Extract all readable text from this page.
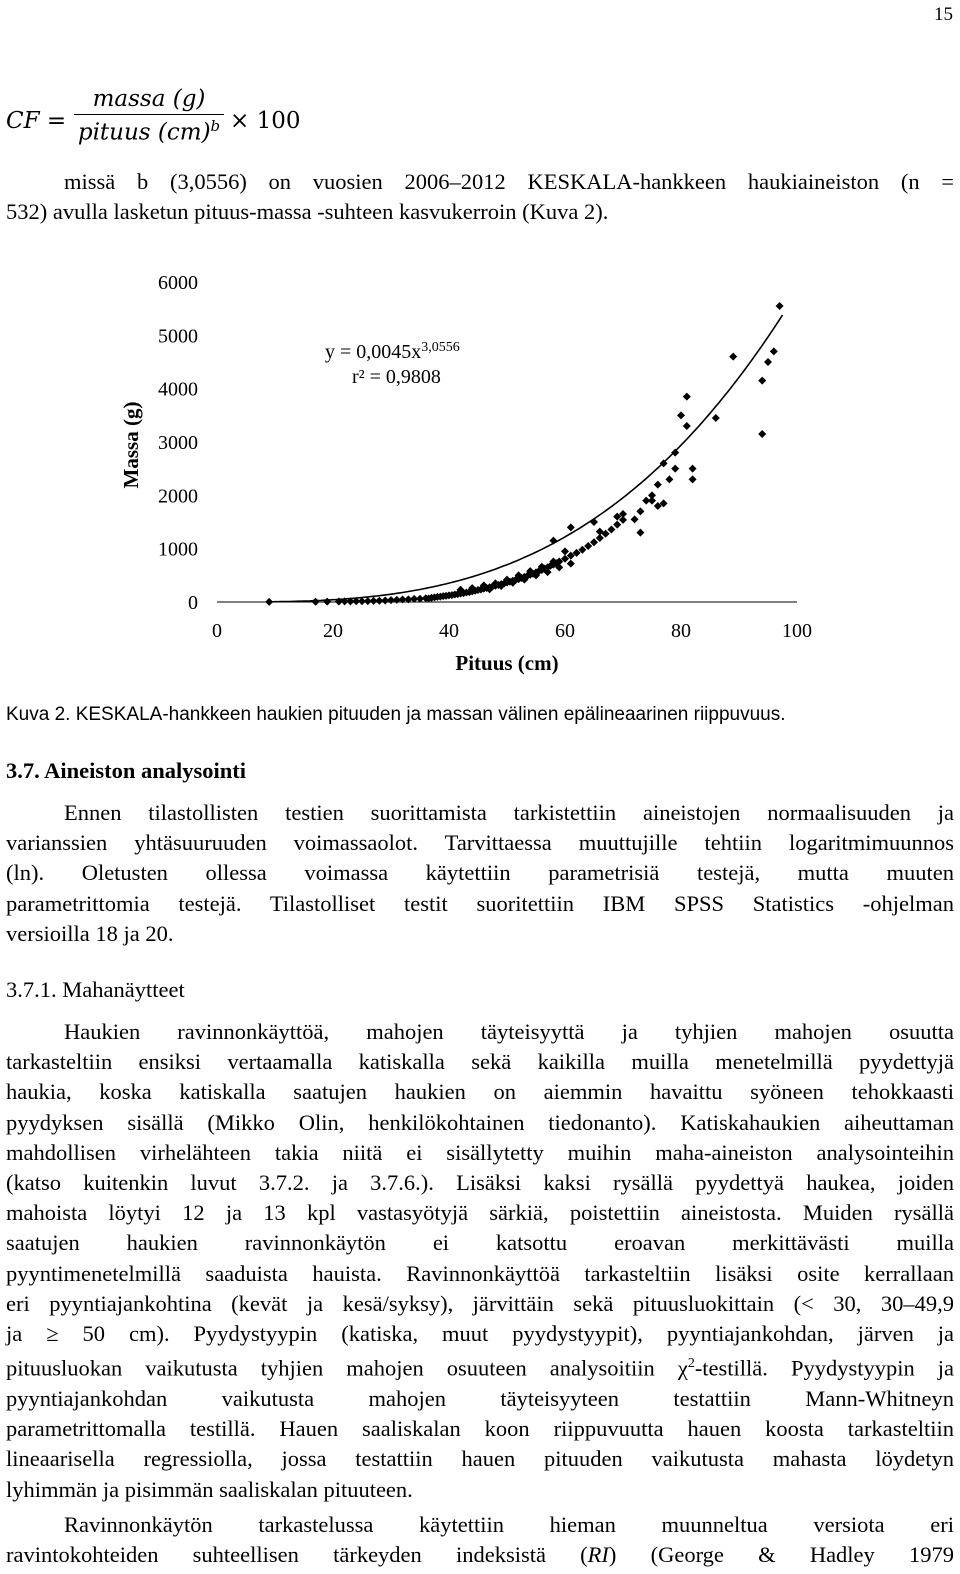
15
CF =
massa (g)
pituus (cm)$^b$ × 100
missä b (3,0556) on vuosien 2006–2012 KESKALA-hankkeen haukiaineiston (n =
532) avulla lasketun pituus-massa -suhteen kasvukerroin (Kuva 2).
Massa (g)
Pituus (cm)
0
1000
2000
3000
4000
5000
6000
0	20	40	60	80	100
$y = 0,0045x^{3,0556}$
r² = 0,9808
Kuva 2. KESKALA-hankkeen haukien pituuden ja massan välinen epälineaarinen riippuvuus.
3.7. Aineiston analysointi
Ennen tilastollisten testien suorittamista tarkistettiin aineistojen normaalisuuden ja
varianssien yhtäsuuruuden voimassaolot. Tarvittaessa muuttujille tehtiin logaritmimuunnos
(ln). Oletusten ollessa voimassa käytettiin parametrisiä testejä, mutta muuten
parametrittomia testejä. Tilastolliset testit suoritettiin IBM SPSS Statistics -ohjelman
versioilla 18 ja 20.
3.7.1. Mahanäytteet
Haukien ravinnonkäyttöä, mahojen täyteisyyttä ja tyhjien mahojen osuutta
tarkasteltiin ensiksi vertaamalla katiskalla sekä kaikilla muilla menetelmillä pyydettyjä
haukia, koska katiskalla saatujen haukien on aiemmin havaittu syöneen tehokkaasti
pyydyksen sisällä (Mikko Olin, henkilökohtainen tiedonanto). Katiskahaukien aiheuttaman
mahdollisen virhelähteen takia niitä ei sisällytetty muihin maha-aineiston analysointeihin
(katso kuitenkin luvut 3.7.2. ja 3.7.6.). Lisäksi kaksi rysällä pyydettyä haukea, joiden
mahoista löytyi 12 ja 13 kpl vastasyötyjä särkiä, poistettiin aineistosta. Muiden rysällä
saatujen haukien ravinnonkäytön ei katsottu eroavan merkittävästi muilla
pyyntimenetelmillä saaduista hauista. Ravinnonkäyttöä tarkasteltiin lisäksi osite kerrallaan
eri pyyntiajankohtina (kevät ja kesä/syksy), järvittäin sekä pituusluokittain (< 30, 30–49,9
ja ≥ 50 cm). Pyydystyypin (katiska, muut pyydystyypit), pyyntiajankohdan, järven ja
pituusluokan vaikutusta tyhjien mahojen osuuteen analysoitiin $\chi^2$-testillä. Pyydystyypin ja
pyyntiajankohdan vaikutusta mahojen täyteisyyteen testattiin Mann-Whitneyn
parametrittomalla testillä. Hauen saaliskalan koon riippuvuutta hauen koosta tarkasteltiin
lineaarisella regressiolla, jossa testattiin hauen pituuden vaikutusta mahasta löydetyn
lyhimmän ja pisimmän saaliskalan pituuteen.
Ravinnonkäytön tarkastelussa käytettiin hieman muunneltua versiota eri
ravintokohteiden suhteellisen tärkeyden indeksistä (RI) (George & Hadley 1979
